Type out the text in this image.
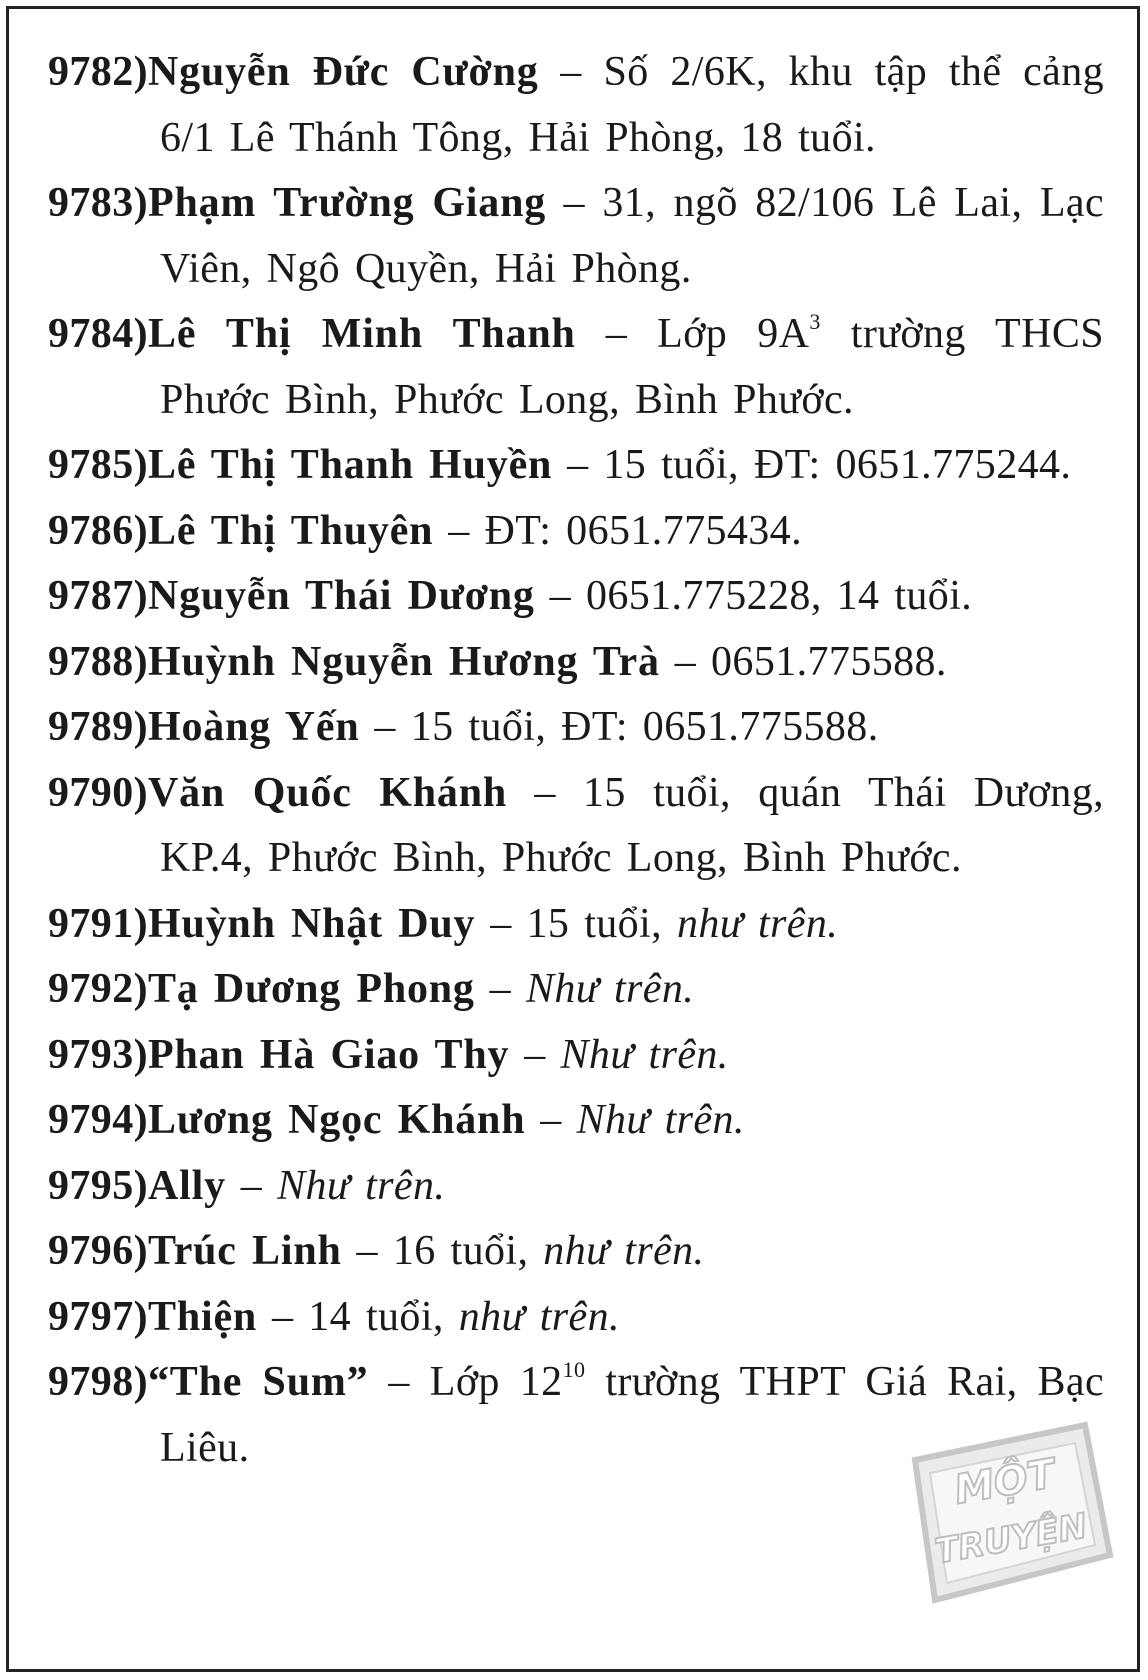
9782)Nguyễn Đức Cường – Số 2/6K, khu tập thể cảng 6/1 Lê Thánh Tông, Hải Phòng, 18 tuổi.
9783)Phạm Trường Giang – 31, ngõ 82/106 Lê Lai, Lạc Viên, Ngô Quyền, Hải Phòng.
9784)Lê Thị Minh Thanh – Lớp $9A^3$ trường THCS Phước Bình, Phước Long, Bình Phước.
9785)Lê Thị Thanh Huyền – 15 tuổi, ĐT: 0651.775244.
9786)Lê Thị Thuyên – ĐT: 0651.775434.
9787)Nguyễn Thái Dương – 0651.775228, 14 tuổi.
9788)Huỳnh Nguyễn Hương Trà – 0651.775588.
9789)Hoàng Yến – 15 tuổi, ĐT: 0651.775588.
9790)Văn Quốc Khánh – 15 tuổi, quán Thái Dương, KP.4, Phước Bình, Phước Long, Bình Phước.
9791)Huỳnh Nhật Duy – 15 tuổi, như trên.
9792)Tạ Dương Phong – Như trên.
9793)Phan Hà Giao Thy – Như trên.
9794)Lương Ngọc Khánh – Như trên.
9795)Ally – Như trên.
9796)Trúc Linh – 16 tuổi, như trên.
9797)Thiện – 14 tuổi, như trên.
9798)“The Sum” – Lớp $12^{10}$ trường THPT Giá Rai, Bạc Liêu.
MỘT
TRUYỆN
